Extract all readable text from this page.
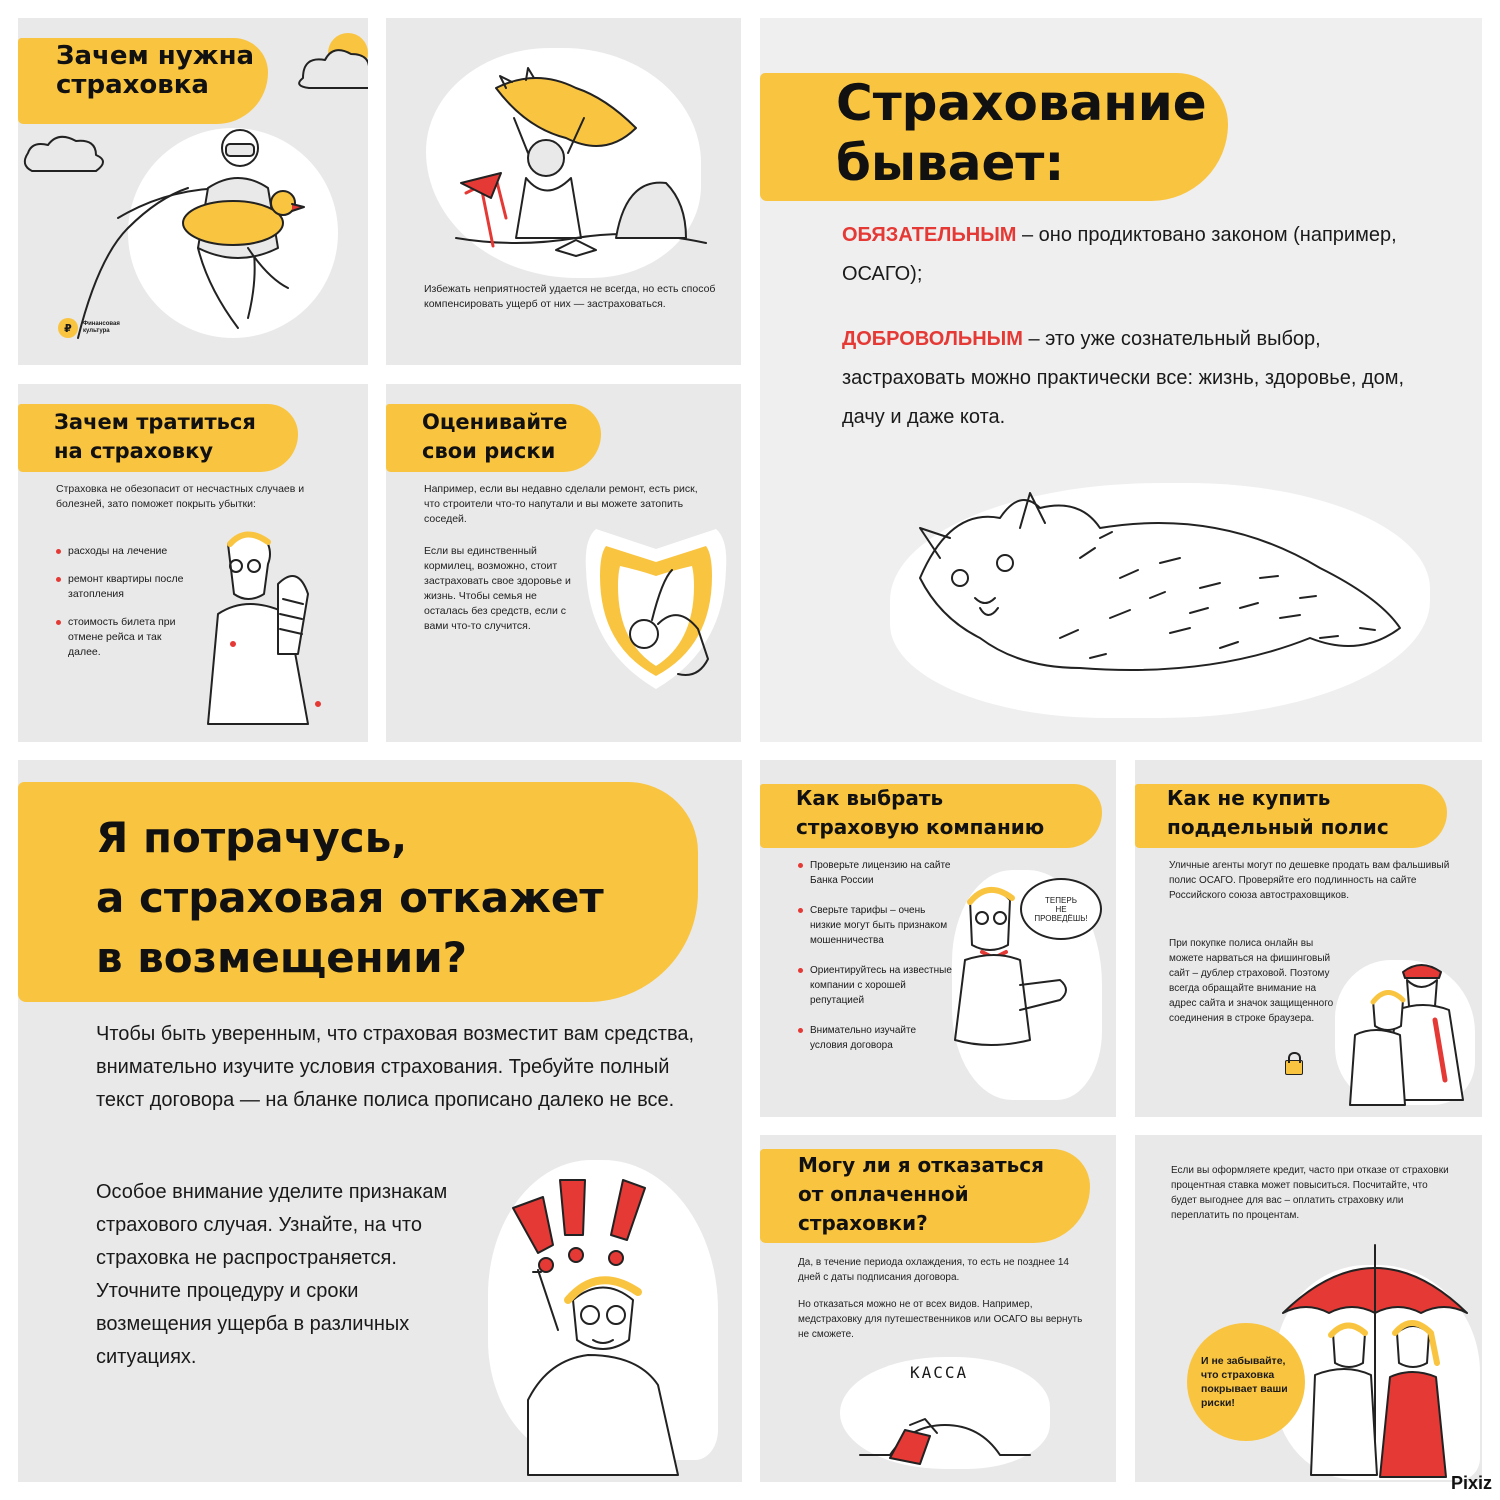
Зачем нужна
страховка
₽	Финансовая
культура
Избежать неприятностей удается не всегда, но есть способ компенсировать ущерб от них — застраховаться.
Страхование
бывает:

ОБЯЗАТЕЛЬНЫМ – оно продиктовано законом (например, ОСАГО);

ДОБРОВОЛЬНЫМ – это уже сознательный выбор, застраховать можно практически все: жизнь, здоровье, дом, дачу и даже кота.

Зачем тратиться
на страховку
Страховка не обезопасит от несчастных случаев и болезней, зато поможет покрыть убытки:
расходы на лечение
ремонт квартиры после затопления
стоимость билета при отмене рейса и так далее.
Оценивайте
свои риски

Например, если вы недавно сделали ремонт, есть риск, что строители что-то напутали и вы можете затопить соседей.

Если вы единственный кормилец, возможно, стоит застраховать свое здоровье и жизнь. Чтобы семья не осталась без средств, если с вами что-то случится.

Я потрачусь,
а страховая откажет
в возмещении?

Чтобы быть уверенным, что страховая возместит вам средства, внимательно изучите условия страхования. Требуйте полный текст договора — на бланке полиса прописано далеко не все.

Особое внимание уделите признакам страхового случая. Узнайте, на что страховка не распространяется. Уточните процедуру и сроки возмещения ущерба в различных ситуациях.

Как выбрать
страховую компанию
Проверьте лицензию на сайте Банка России
Сверьте тарифы – очень низкие могут быть признаком мошенничества
Ориентируйтесь на известные компании с хорошей репутацией
Внимательно изучайте условия договора
ТЕПЕРЬ
НЕ
ПРОВЕДЁШЬ!
Как не купить
поддельный полис

Уличные агенты могут по дешевке продать вам фальшивый полис ОСАГО. Проверяйте его подлинность на сайте Российского союза автостраховщиков.

При покупке полиса онлайн вы можете нарваться на фишинговый сайт – дублер страховой. Поэтому всегда обращайте внимание на адрес сайта и значок защищенного соединения в строке браузера.

Могу ли я отказаться
от оплаченной
страховки?

Да, в течение периода охлаждения, то есть не позднее 14 дней с даты подписания договора.

Но отказаться можно не от всех видов. Например, медстраховку для путешественников или ОСАГО вы вернуть не сможете.

КАССА
Если вы оформляете кредит, часто при отказе от страховки процентная ставка может повыситься. Посчитайте, что будет выгоднее для вас – оплатить страховку или переплатить по процентам.
И не забывайте, что страховка покрывает ваши риски!
Pixiz
